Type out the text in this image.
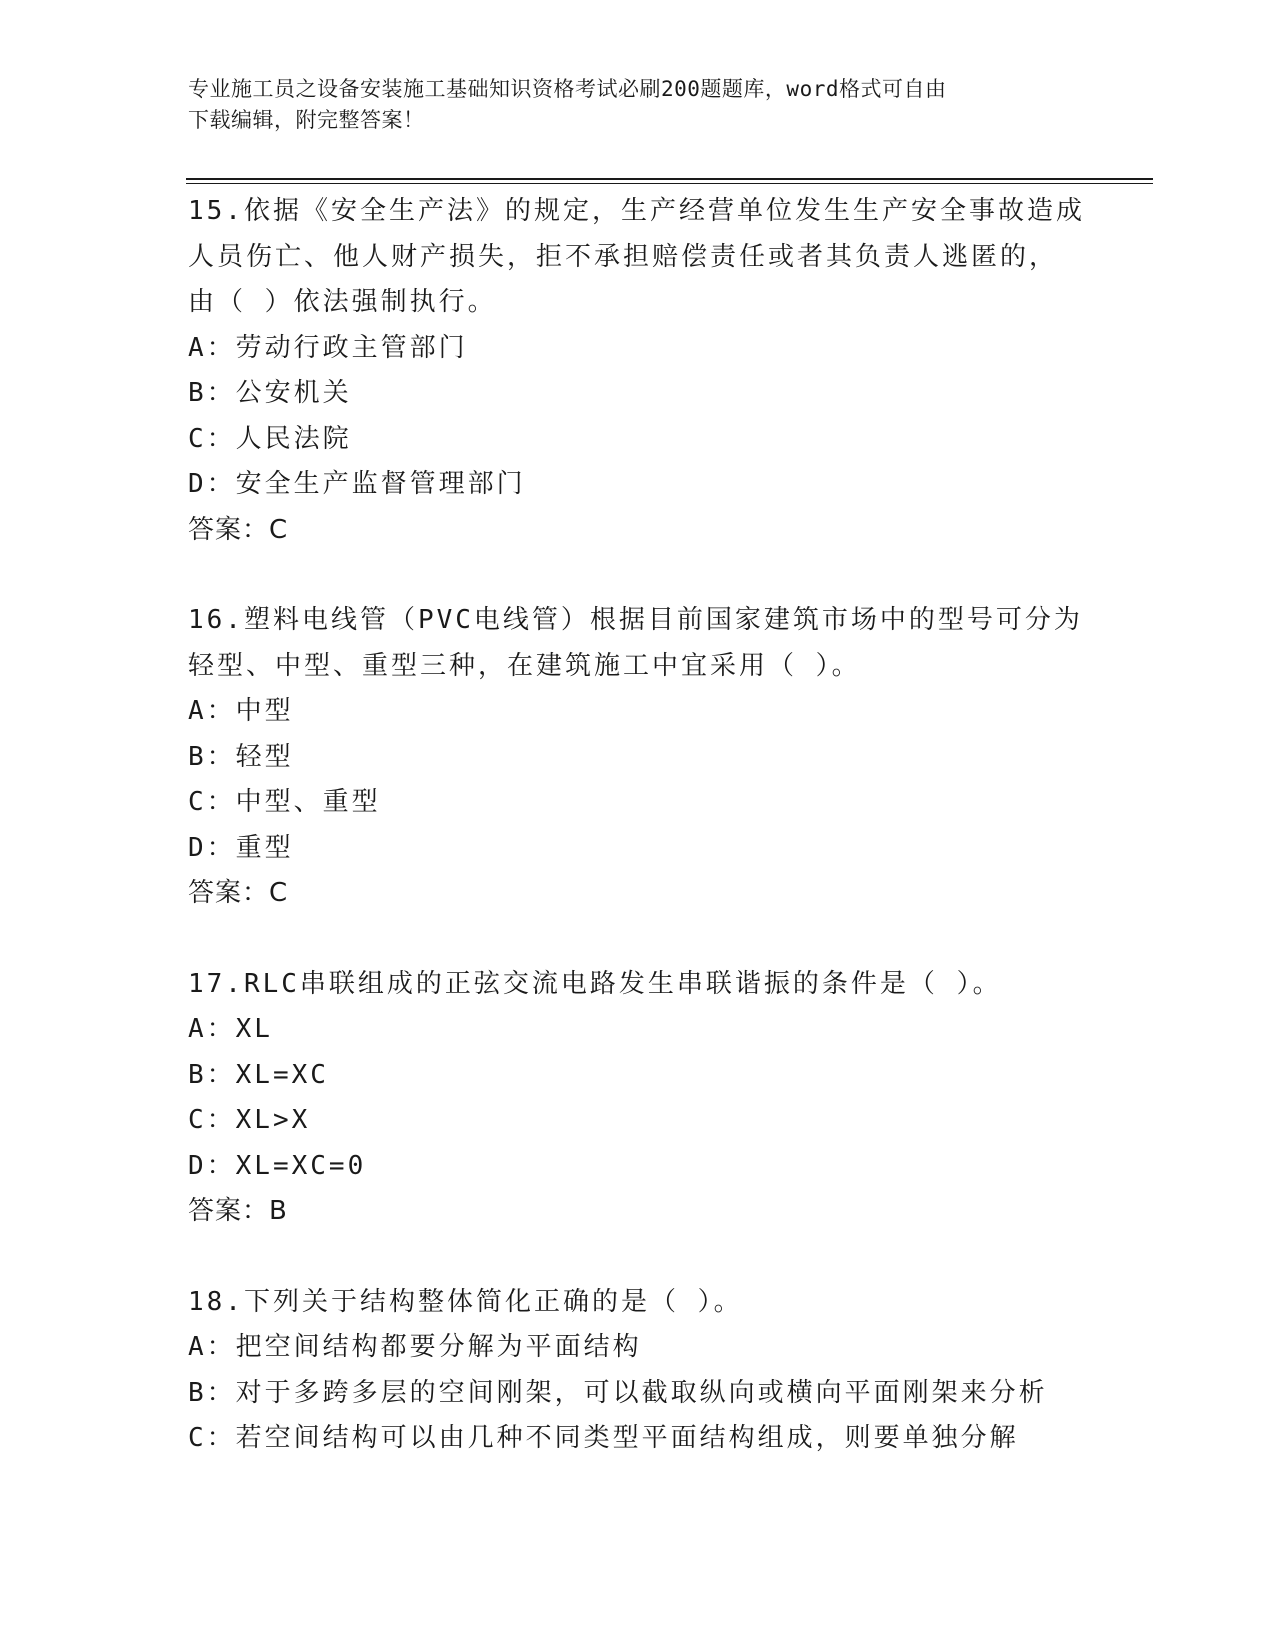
专业施工员之设备安装施工基础知识资格考试必刷200题题库，word格式可自由
下载编辑，附完整答案！
15.依据《安全生产法》的规定，生产经营单位发生生产安全事故造成
人员伤亡、他人财产损失，拒不承担赔偿责任或者其负责人逃匿的，
由（ ）依法强制执行。
A：劳动行政主管部门
B：公安机关
C：人民法院
D：安全生产监督管理部门
答案：C
16.塑料电线管（PVC电线管）根据目前国家建筑市场中的型号可分为
轻型、中型、重型三种，在建筑施工中宜采用（ ）。
A：中型
B：轻型
C：中型、重型
D：重型
答案：C
17.RLC串联组成的正弦交流电路发生串联谐振的条件是（ ）。
A：XL
B：XL=XC
C：XL>X
D：XL=XC=0
答案：B
18.下列关于结构整体简化正确的是（ ）。
A：把空间结构都要分解为平面结构
B：对于多跨多层的空间刚架，可以截取纵向或横向平面刚架来分析
C：若空间结构可以由几种不同类型平面结构组成，则要单独分解
